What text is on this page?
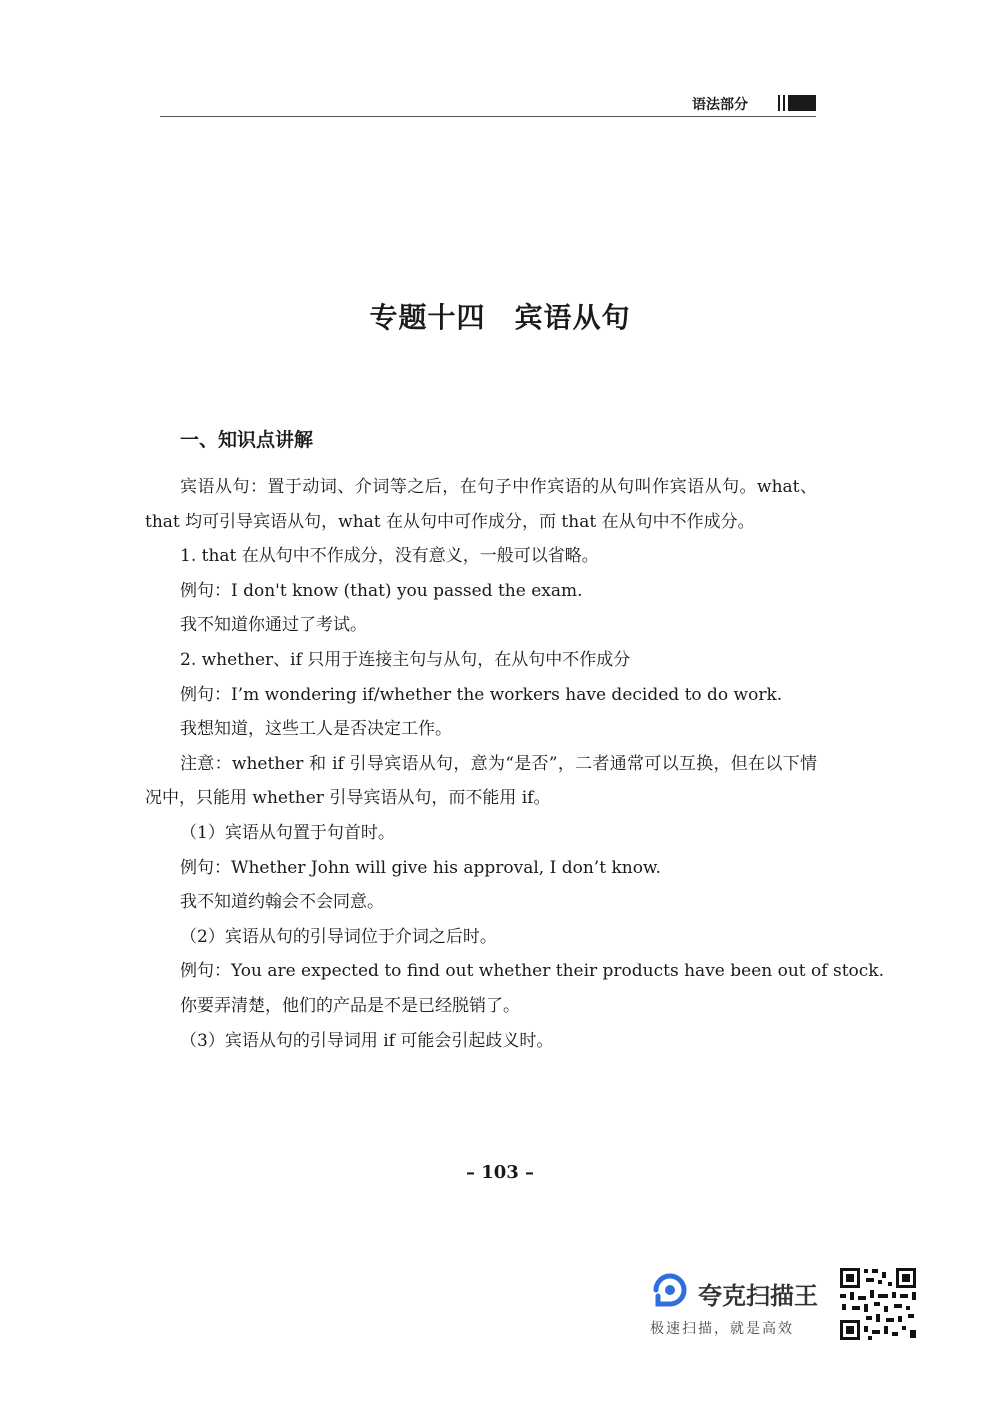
语法部分
专题十四　宾语从句
一、知识点讲解

宾语从句：置于动词、介词等之后，在句子中作宾语的从句叫作宾语从句。what、that 均可引导宾语从句，what 在从句中可作成分，而 that 在从句中不作成分。

1. that 在从句中不作成分，没有意义，一般可以省略。

例句：I don't know (that) you passed the exam.

我不知道你通过了考试。

2. whether、if 只用于连接主句与从句，在从句中不作成分

例句：I’m wondering if/whether the workers have decided to do work.

我想知道，这些工人是否决定工作。

注意：whether 和 if 引导宾语从句，意为“是否”，二者通常可以互换，但在以下情况中，只能用 whether 引导宾语从句，而不能用 if。

（1）宾语从句置于句首时。

例句：Whether John will give his approval, I don’t know.

我不知道约翰会不会同意。

（2）宾语从句的引导词位于介词之后时。

例句：You are expected to find out whether their products have been out of stock.

你要弄清楚，他们的产品是不是已经脱销了。

（3）宾语从句的引导词用 if 可能会引起歧义时。

– 103 –
夸克扫描王
极速扫描，就是高效
